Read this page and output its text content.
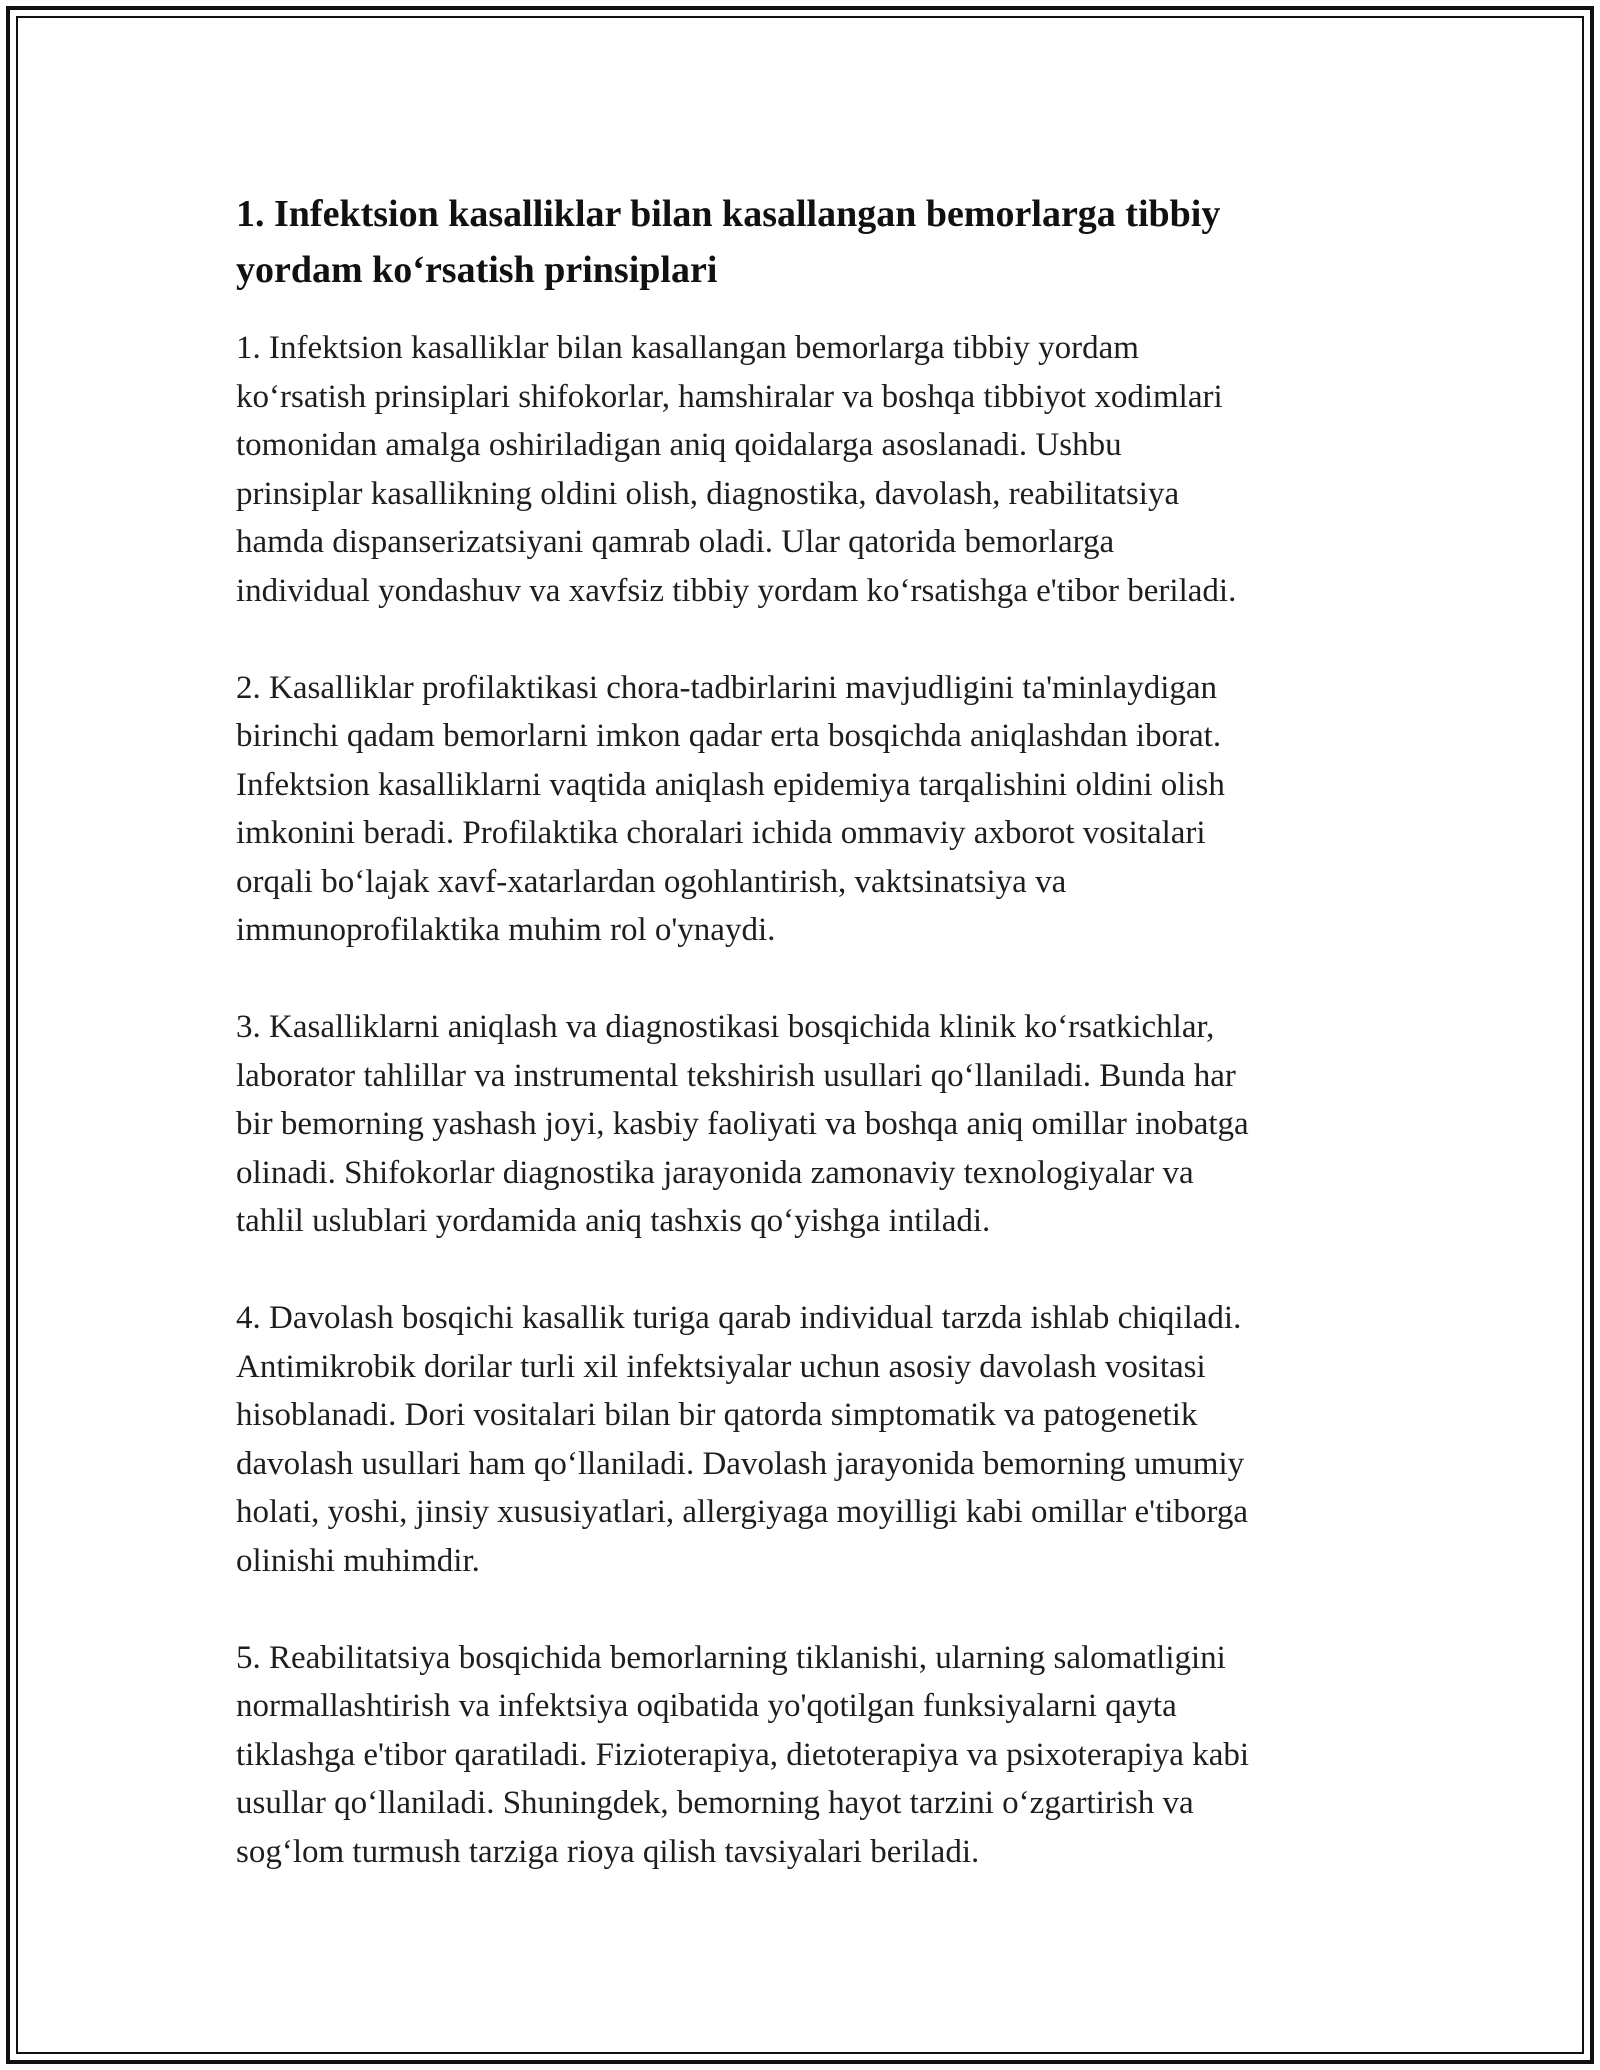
1. Infektsion kasalliklar bilan kasallangan bemorlarga tibbiy
yordam koʻrsatish prinsiplari

1. Infektsion kasalliklar bilan kasallangan bemorlarga tibbiy yordam
koʻrsatish prinsiplari shifokorlar, hamshiralar va boshqa tibbiyot xodimlari
tomonidan amalga oshiriladigan aniq qoidalarga asoslanadi. Ushbu
prinsiplar kasallikning oldini olish, diagnostika, davolash, reabilitatsiya
hamda dispanserizatsiyani qamrab oladi. Ular qatorida bemorlarga
individual yondashuv va xavfsiz tibbiy yordam koʻrsatishga e'tibor beriladi.

2. Kasalliklar profilaktikasi chora-tadbirlarini mavjudligini ta'minlaydigan
birinchi qadam bemorlarni imkon qadar erta bosqichda aniqlashdan iborat.
Infektsion kasalliklarni vaqtida aniqlash epidemiya tarqalishini oldini olish
imkonini beradi. Profilaktika choralari ichida ommaviy axborot vositalari
orqali boʻlajak xavf-xatarlardan ogohlantirish, vaktsinatsiya va
immunoprofilaktika muhim rol o'ynaydi.

3. Kasalliklarni aniqlash va diagnostikasi bosqichida klinik koʻrsatkichlar,
laborator tahlillar va instrumental tekshirish usullari qoʻllaniladi. Bunda har
bir bemorning yashash joyi, kasbiy faoliyati va boshqa aniq omillar inobatga
olinadi. Shifokorlar diagnostika jarayonida zamonaviy texnologiyalar va
tahlil uslublari yordamida aniq tashxis qoʻyishga intiladi.

4. Davolash bosqichi kasallik turiga qarab individual tarzda ishlab chiqiladi.
Antimikrobik dorilar turli xil infektsiyalar uchun asosiy davolash vositasi
hisoblanadi. Dori vositalari bilan bir qatorda simptomatik va patogenetik
davolash usullari ham qoʻllaniladi. Davolash jarayonida bemorning umumiy
holati, yoshi, jinsiy xususiyatlari, allergiyaga moyilligi kabi omillar e'tiborga
olinishi muhimdir.

5. Reabilitatsiya bosqichida bemorlarning tiklanishi, ularning salomatligini
normallashtirish va infektsiya oqibatida yo'qotilgan funksiyalarni qayta
tiklashga e'tibor qaratiladi. Fizioterapiya, dietoterapiya va psixoterapiya kabi
usullar qoʻllaniladi. Shuningdek, bemorning hayot tarzini oʻzgartirish va
sogʻlom turmush tarziga rioya qilish tavsiyalari beriladi.
